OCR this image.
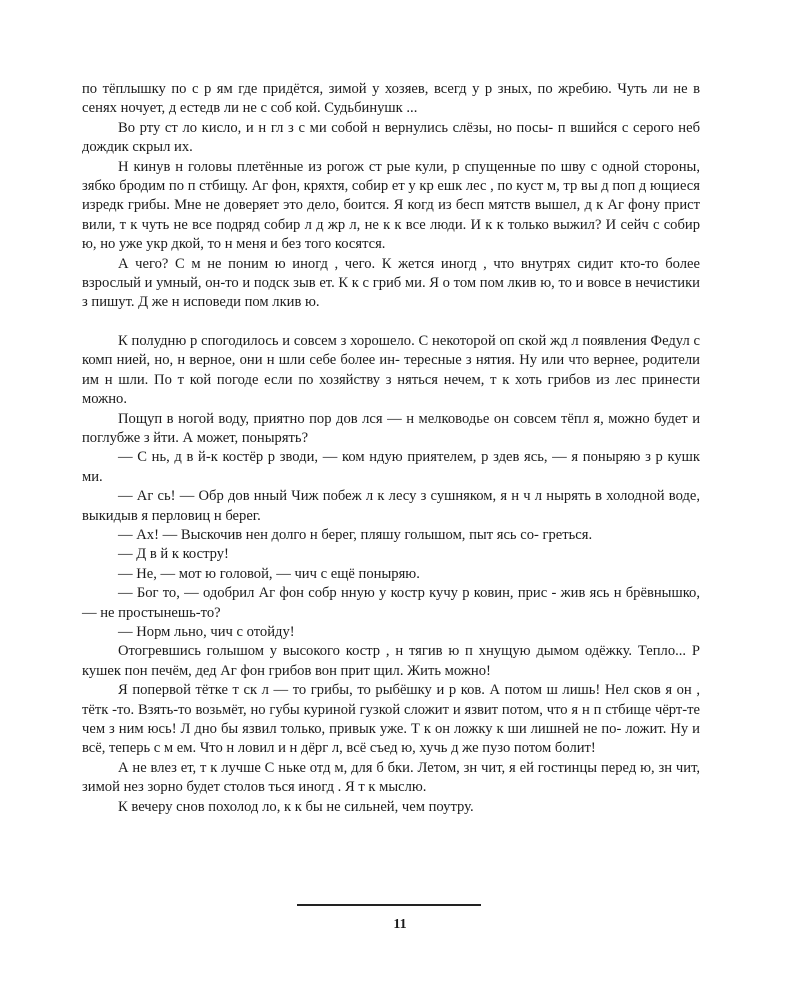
по тёплышку по с р ям где придётся, зимой у хозяев, всегд у р зных, по жребию. Чуть ли не в сенях ночует, д естедв ли не с соб кой. Судьбинушк ...

Во рту ст ло кисло, и н гл з с ми собой н вернулись слёзы, но посы- п вшийся с серого неб дождик скрыл их.

Н кинув н головы плетённые из рогож ст рые кули, р спущенные по шву с одной стороны, зябко бродим по п стбищу. Аг фон, кряхтя, собир ет у кр ешк лес , по куст м, тр вы д поп д ющиеся изредк грибы. Мне не доверяет это дело, боится. Я когд из бесп мятств вышел, д к Аг фону прист вили, т к чуть не все подряд собир л д жр л, не к к все люди. И к к только выжил? И сейч с собир ю, но уже укр дкой, то н меня и без того косятся.

А чего? С м не поним ю иногд , чего. К жется иногд , что внутрях сидит кто-то более взрослый и умный, он-то и подск зыв ет. К к с гриб ми. Я о том пом лкив ю, то и вовсе в нечистики з пишут. Д же н исповеди пом лкив ю.

К полудню р спогодилось и совсем з хорошело. С некоторой оп ской жд л появления Федул с комп нией, но, н верное, они н шли себе более ин- тересные з нятия. Ну или что вернее, родители им н шли. По т кой погоде если по хозяйству з няться нечем, т к хоть грибов из лес принести можно.

Пощуп в ногой воду, приятно пор дов лся — н мелководье он совсем тёпл я, можно будет и поглубже з йти. А может, понырять?

— С нь, д в й-к костёр р зводи, — ком ндую приятелем, р здев ясь, — я поныряю з р кушк ми.

— Аг сь! — Обр дов нный Чиж побеж л к лесу з сушняком, я н ч л нырять в холодной воде, выкидыв я перловиц н берег.

— Ах! — Выскочив нен долго н берег, пляшу голышом, пыт ясь со- греться.

— Д в й к костру!

— Не, — мот ю головой, — чич с ещё поныряю.

— Бог то, — одобрил Аг фон собр нную у костр кучу р ковин, прис - жив ясь н брёвнышко, — не простынешь-то?

— Норм льно, чич с отойду!

Отогревшись голышом у высокого костр , н тягив ю п хнущую дымом одёжку. Тепло... Р кушек пон печём, дед Аг фон грибов вон прит щил. Жить можно!

Я попервой тётке т ск л — то грибы, то рыбёшку и р ков. А потом ш лишь! Нел сков я он , тётк -то. Взять-то возьмёт, но губы куриной гузкой сложит и язвит потом, что я н п стбище чёрт-те чем з ним юсь! Л дно бы язвил только, привык уже. Т к он ложку к ши лишней не по- ложит. Ну и всё, теперь с м ем. Что н ловил и н дёрг л, всё съед ю, хучь д же пузо потом болит!

А не влез ет, т к лучше С ньке отд м, для б бки. Летом, зн чит, я ей гостинцы перед ю, зн чит, зимой нез зорно будет столов ться иногд . Я т к мыслю.

К вечеру снов похолод ло, к к бы не сильней, чем поутру.

11
